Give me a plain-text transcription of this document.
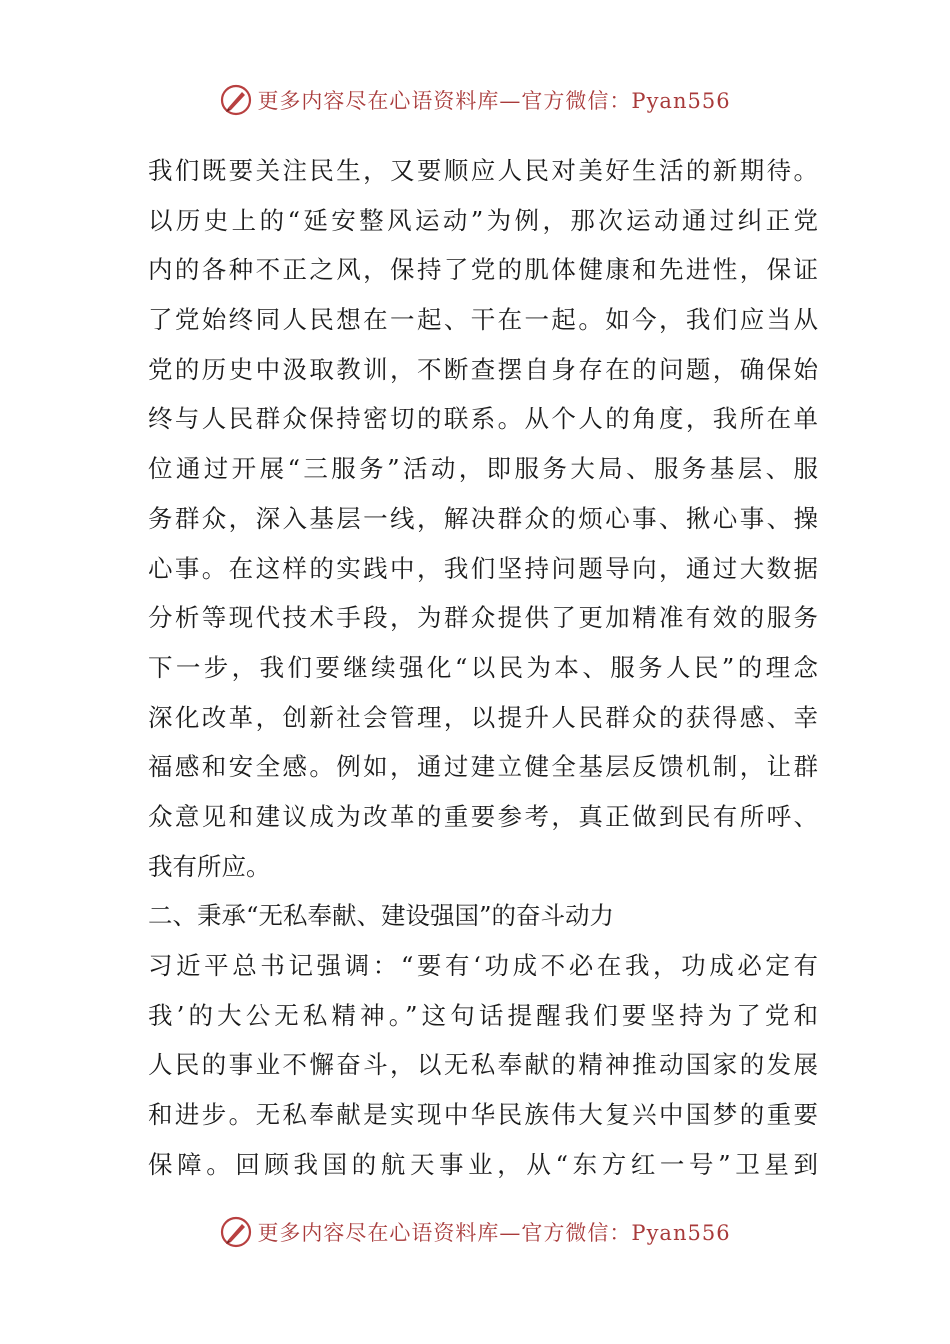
更多内容尽在心语资料库—官方微信：Pyan556
我们既要关注民生，又要顺应人民对美好生活的新期待。
以历史上的“延安整风运动”为例，那次运动通过纠正党
内的各种不正之风，保持了党的肌体健康和先进性，保证
了党始终同人民想在一起、干在一起。如今，我们应当从
党的历史中汲取教训，不断查摆自身存在的问题，确保始
终与人民群众保持密切的联系。从个人的角度，我所在单
位通过开展“三服务”活动，即服务大局、服务基层、服
务群众，深入基层一线，解决群众的烦心事、揪心事、操
心事。在这样的实践中，我们坚持问题导向，通过大数据
分析等现代技术手段，为群众提供了更加精准有效的服务
下一步，我们要继续强化“以民为本、服务人民”的理念
深化改革，创新社会管理，以提升人民群众的获得感、幸
福感和安全感。例如，通过建立健全基层反馈机制，让群
众意见和建议成为改革的重要参考，真正做到民有所呼、
我有所应。
二、秉承“无私奉献、建设强国”的奋斗动力
习近平总书记强调：“要有‘功成不必在我，功成必定有
我’的大公无私精神。”这句话提醒我们要坚持为了党和
人民的事业不懈奋斗，以无私奉献的精神推动国家的发展
和进步。无私奉献是实现中华民族伟大复兴中国梦的重要
保障。回顾我国的航天事业，从“东方红一号”卫星到
更多内容尽在心语资料库—官方微信：Pyan556
